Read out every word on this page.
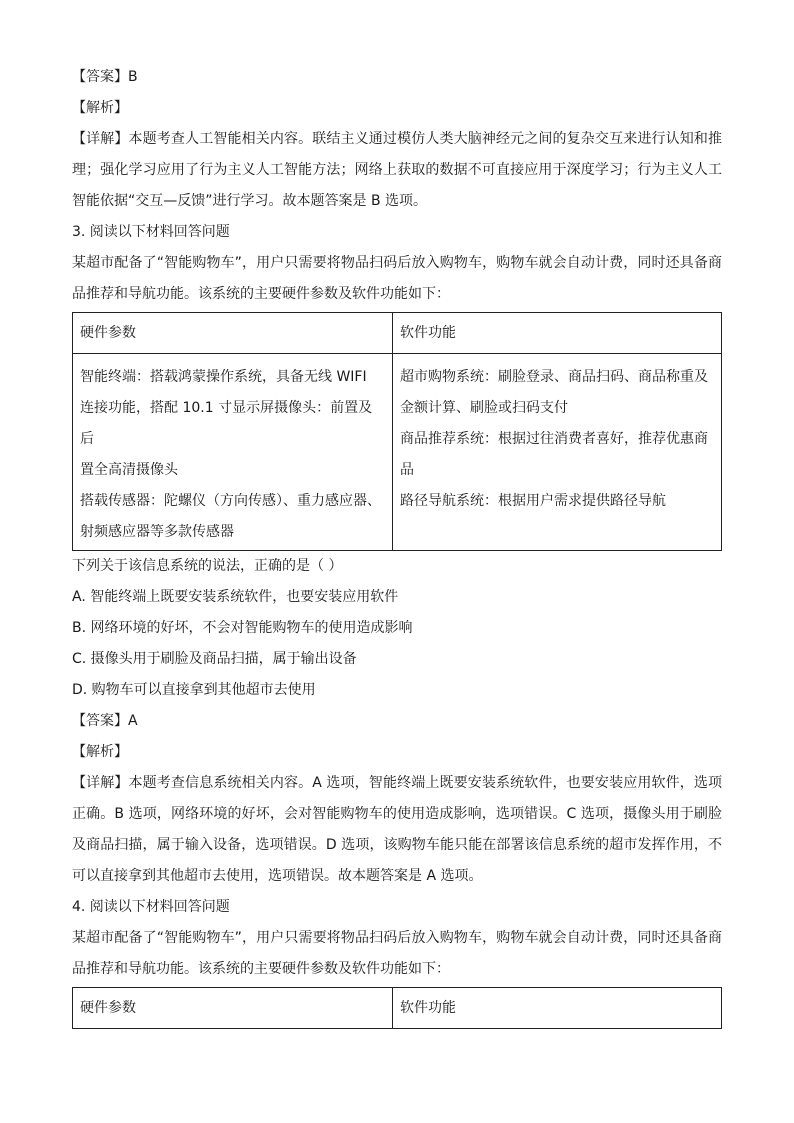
【答案】B
【解析】
【详解】本题考查人工智能相关内容。联结主义通过模仿人类大脑神经元之间的复杂交互来进行认知和推理；强化学习应用了行为主义人工智能方法；网络上获取的数据不可直接应用于深度学习；行为主义人工智能依据“交互—反馈”进行学习。故本题答案是 B 选项。
3. 阅读以下材料回答问题
某超市配备了“智能购物车”，用户只需要将物品扫码后放入购物车，购物车就会自动计费，同时还具备商品推荐和导航功能。该系统的主要硬件参数及软件功能如下：
硬件参数	软件功能

智能终端：搭载鸿蒙操作系统，具备无线 WIFI
连接功能，搭配 10.1 寸显示屏摄像头：前置及后
置全高清摄像头
搭载传感器：陀螺仪（方向传感）、重力感应器、
射频感应器等多款传感器	超市购物系统：刷脸登录、商品扫码、商品称重及
金额计算、刷脸或扫码支付
商品推荐系统：根据过往消费者喜好，推荐优惠商
品
路径导航系统：根据用户需求提供路径导航
下列关于该信息系统的说法，正确的是（ ）
A. 智能终端上既要安装系统软件，也要安装应用软件
B. 网络环境的好坏，不会对智能购物车的使用造成影响
C. 摄像头用于刷脸及商品扫描，属于输出设备
D. 购物车可以直接拿到其他超市去使用
【答案】A
【解析】
【详解】本题考查信息系统相关内容。A 选项，智能终端上既要安装系统软件，也要安装应用软件，选项正确。B 选项，网络环境的好坏，会对智能购物车的使用造成影响，选项错误。C 选项，摄像头用于刷脸及商品扫描，属于输入设备，选项错误。D 选项，该购物车能只能在部署该信息系统的超市发挥作用，不可以直接拿到其他超市去使用，选项错误。故本题答案是 A 选项。
4. 阅读以下材料回答问题
某超市配备了“智能购物车”，用户只需要将物品扫码后放入购物车，购物车就会自动计费，同时还具备商品推荐和导航功能。该系统的主要硬件参数及软件功能如下：
硬件参数	软件功能
